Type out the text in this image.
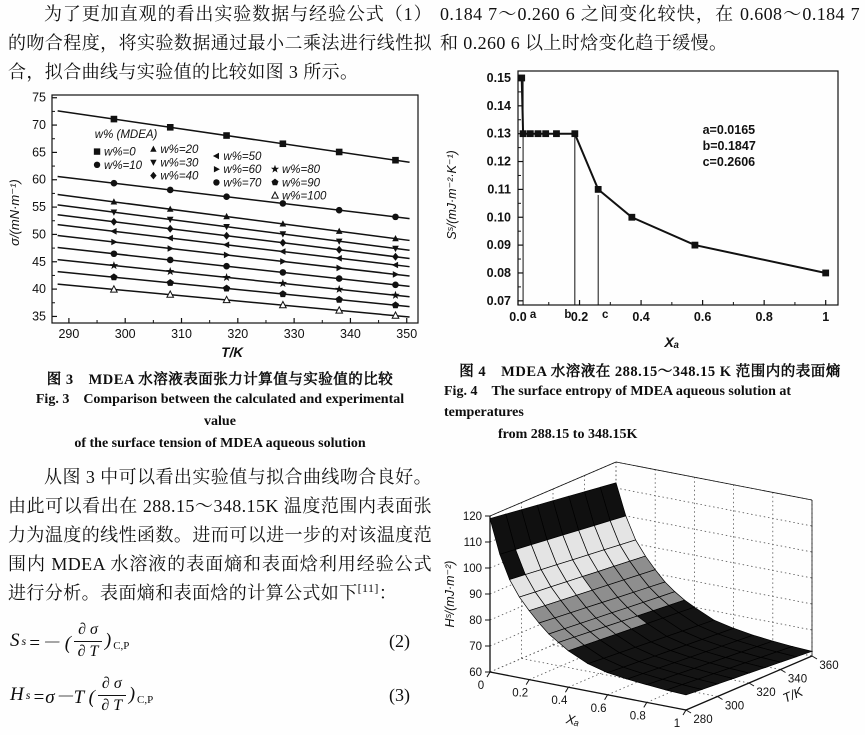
为了更加直观的看出实验数据与经验公式（1）的吻合程度，将实验数据通过最小二乘法进行线性拟合，拟合曲线与实验值的比较如图 3 所示。

290	300	310	320	330	340	350
35
40
45
50
55
60
65
70
75
T/K
σ/(mN·m⁻¹)
w% (MDEA)
w%=0
w%=10
w%=20
w%=30
w%=40
w%=50
w%=60
w%=70
w%=80
w%=90
w%=100
图 3　MDEA 水溶液表面张力计算值与实验值的比较
Fig. 3　Comparison between the calculated and experimental value
of the surface tension of MDEA aqueous solution

从图 3 中可以看出实验值与拟合曲线吻合良好。由此可以看出在 288.15～348.15K 温度范围内表面张力为温度的线性函数。进而可以进一步的对该温度范围内 MDEA 水溶液的表面熵和表面焓利用经验公式进行分析。表面熵和表面焓的计算公式如下[11]：

S s =－ ( $\frac{\partial \sigma}{\partial T} )_{C,P}$	(2)
H s =σ－T ( $\frac{\partial \sigma}{\partial T} )_{C,P}$	(3)

0.184 7～0.260 6 之间变化较快，在 0.608～0.184 7 和 0.260 6 以上时焓变化趋于缓慢。

0.0	0.2	0.4	0.6	0.8	1
0.07
0.08
0.09
0.10
0.11
0.12
0.13
0.14
0.15
Xₐ
Sˢ/(mJ·m⁻²·K⁻¹)
a b	c
a=0.0165
b=0.1847
c=0.2606
图 4　MDEA 水溶液在 288.15～348.15 K 范围内的表面熵
Fig. 4　The surface entropy of MDEA aqueous solution at temperatures
from 288.15 to 348.15K
60
70
80
90
100
110
120
0
0.2
0.4
0.6
0.8
1 280
300
320
340
360
Xₐ
T/K
Hˢ/(mJ·m⁻²)
